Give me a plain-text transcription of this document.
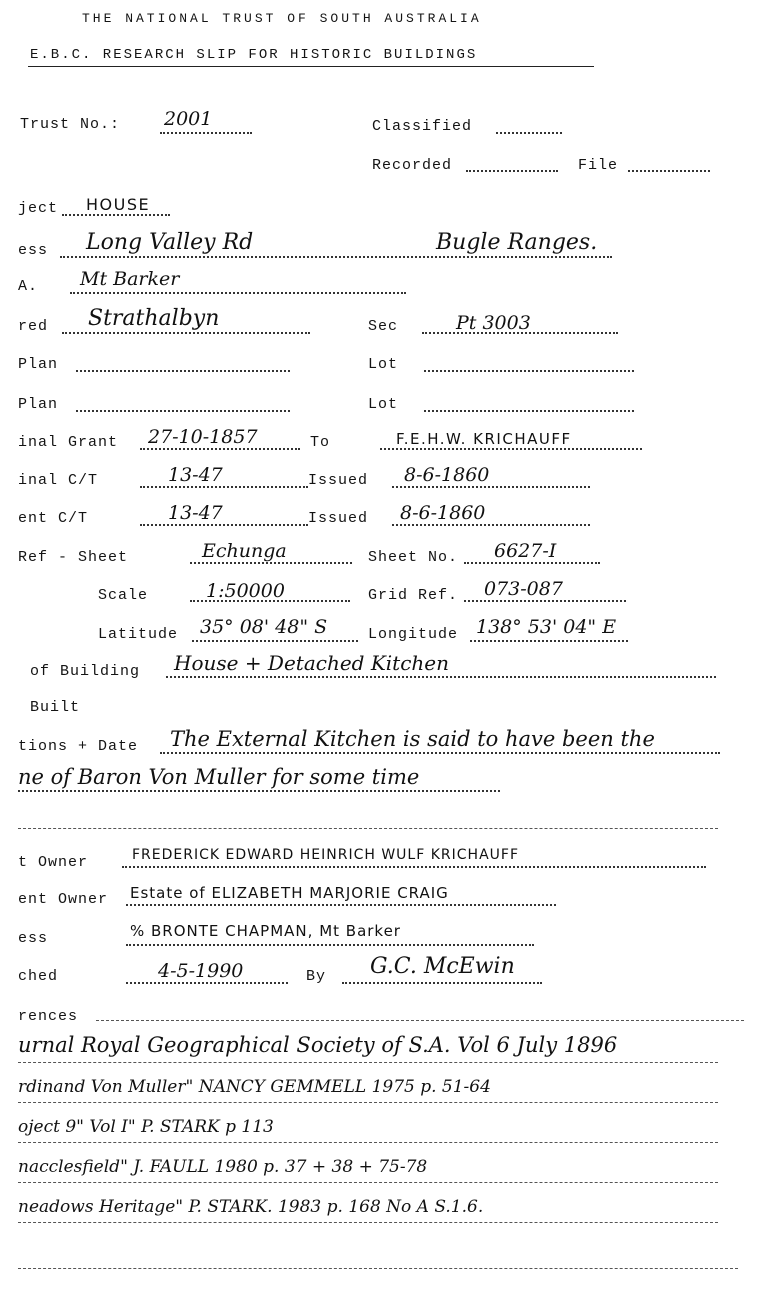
THE NATIONAL TRUST OF SOUTH AUSTRALIA
E.B.C. RESEARCH SLIP FOR HISTORIC BUILDINGS
Trust No.: 2001	Classified
Recorded	File
ject HOUSE
ess Long Valley Rd	Bugle Ranges.
A. Mt Barker
red Strathalbyn	Sec	Pt 3003
Plan	Lot
Plan	Lot
inal Grant 27-10-1857	To	F.E.H.W. KRICHAUFF
inal C/T	13-47	Issued 8-6-1860
ent C/T	13-47	Issued 8-6-1860
Ref - Sheet	Echunga	Sheet No. 6627-I
Scale	1:50000	Grid Ref. 073-087
Latitude 35° 08' 48" S	Longitude 138° 53' 04" E
of Building House + Detached Kitchen
Built
tions + Date The External Kitchen is said to have been the
ne of Baron Von Muller for some time
t Owner	FREDERICK EDWARD HEINRICH WULF KRICHAUFF
ent Owner Estate of ELIZABETH MARJORIE CRAIG
ess	% BRONTE CHAPMAN, Mt Barker
ched	4-5-1990	By G.C. McEwin
rences
urnal Royal Geographical Society of S.A. Vol 6 July 1896
rdinand Von Muller" NANCY GEMMELL 1975 p. 51-64
oject 9" Vol I" P. STARK p 113
nacclesfield" J. FAULL 1980 p. 37 + 38 + 75-78
neadows Heritage" P. STARK. 1983 p. 168 No A S.1.6.
